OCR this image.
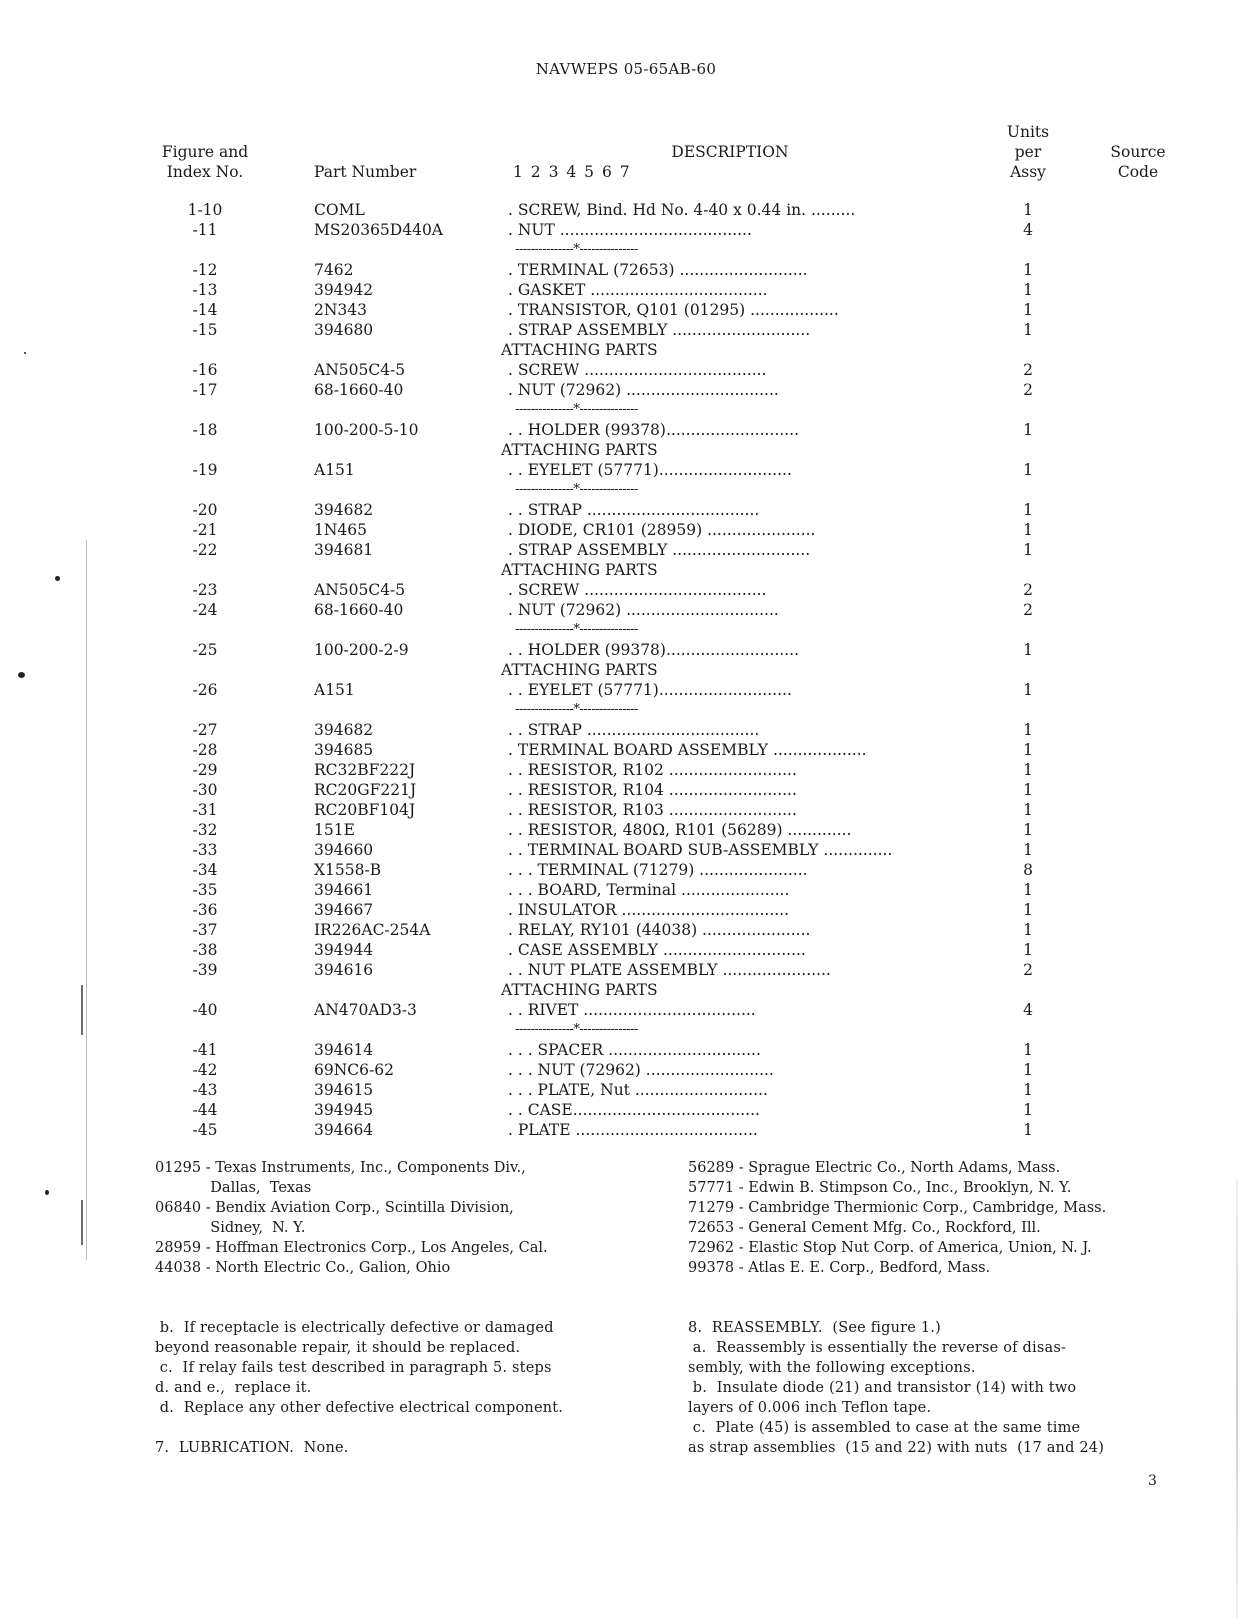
NAVWEPS 05-65AB-60
Figure and
Index No.	Part Number
DESCRIPTION
1 2 3 4 5 6 7
Units
per
Assy
Source
Code
1-10	COML	. SCREW, Bind. Hd No. 4-40 x 0.44 in. .........	1
-11	MS20365D440A	. NUT .......................................	4
---------------*---------------
-12	7462	. TERMINAL (72653) ..........................	1
-13	394942	. GASKET ....................................	1
-14	2N343	. TRANSISTOR, Q101 (01295) ..................	1
-15	394680	. STRAP ASSEMBLY ............................	1
ATTACHING PARTS
-16	AN505C4-5	. SCREW .....................................	2
-17	68-1660-40	. NUT (72962) ...............................	2
---------------*---------------
-18	100-200-5-10	. . HOLDER (99378)...........................	1
ATTACHING PARTS
-19	A151	. . EYELET (57771)...........................	1
---------------*---------------
-20	394682	. . STRAP ...................................	1
-21	1N465	. DIODE, CR101 (28959) ......................	1
-22	394681	. STRAP ASSEMBLY ............................	1
ATTACHING PARTS
-23	AN505C4-5	. SCREW .....................................	2
-24	68-1660-40	. NUT (72962) ...............................	2
---------------*---------------
-25	100-200-2-9	. . HOLDER (99378)...........................	1
ATTACHING PARTS
-26	A151	. . EYELET (57771)...........................	1
---------------*---------------
-27	394682	. . STRAP ...................................	1
-28	394685	. TERMINAL BOARD ASSEMBLY ...................	1
-29	RC32BF222J	. . RESISTOR, R102 ..........................	1
-30	RC20GF221J	. . RESISTOR, R104 ..........................	1
-31	RC20BF104J	. . RESISTOR, R103 ..........................	1
-32	151E	. . RESISTOR, 480Ω, R101 (56289) .............	1
-33	394660	. . TERMINAL BOARD SUB-ASSEMBLY ..............	1
-34	X1558-B	. . . TERMINAL (71279) ......................	8
-35	394661	. . . BOARD, Terminal ......................	1
-36	394667	. INSULATOR ..................................	1
-37	IR226AC-254A	. RELAY, RY101 (44038) ......................	1
-38	394944	. CASE ASSEMBLY .............................	1
-39	394616	. . NUT PLATE ASSEMBLY ......................	2
ATTACHING PARTS
-40	AN470AD3-3	. . RIVET ...................................	4
---------------*---------------
-41	394614	. . . SPACER ...............................	1
-42	69NC6-62	. . . NUT (72962) ..........................	1
-43	394615	. . . PLATE, Nut ...........................	1
-44	394945	. . CASE......................................	1
-45	394664	. PLATE .....................................	1
01295 - Texas Instruments, Inc., Components Div.,
Dallas,  Texas
06840 - Bendix Aviation Corp., Scintilla Division,
Sidney,  N. Y.
28959 - Hoffman Electronics Corp., Los Angeles, Cal.
44038 - North Electric Co., Galion, Ohio
56289 - Sprague Electric Co., North Adams, Mass.
57771 - Edwin B. Stimpson Co., Inc., Brooklyn, N. Y.
71279 - Cambridge Thermionic Corp., Cambridge, Mass.
72653 - General Cement Mfg. Co., Rockford, Ill.
72962 - Elastic Stop Nut Corp. of America, Union, N. J.
99378 - Atlas E. E. Corp., Bedford, Mass.
b.  If receptacle is electrically defective or damaged
beyond reasonable repair, it should be replaced.
c.  If relay fails test described in paragraph 5. steps
d. and e.,  replace it.
d.  Replace any other defective electrical component.
7.  LUBRICATION.  None.
8.  REASSEMBLY.  (See figure 1.)
a.  Reassembly is essentially the reverse of disas-
sembly, with the following exceptions.
b.  Insulate diode (21) and transistor (14) with two
layers of 0.006 inch Teflon tape.
c.  Plate (45) is assembled to case at the same time
as strap assemblies  (15 and 22) with nuts  (17 and 24)
3
